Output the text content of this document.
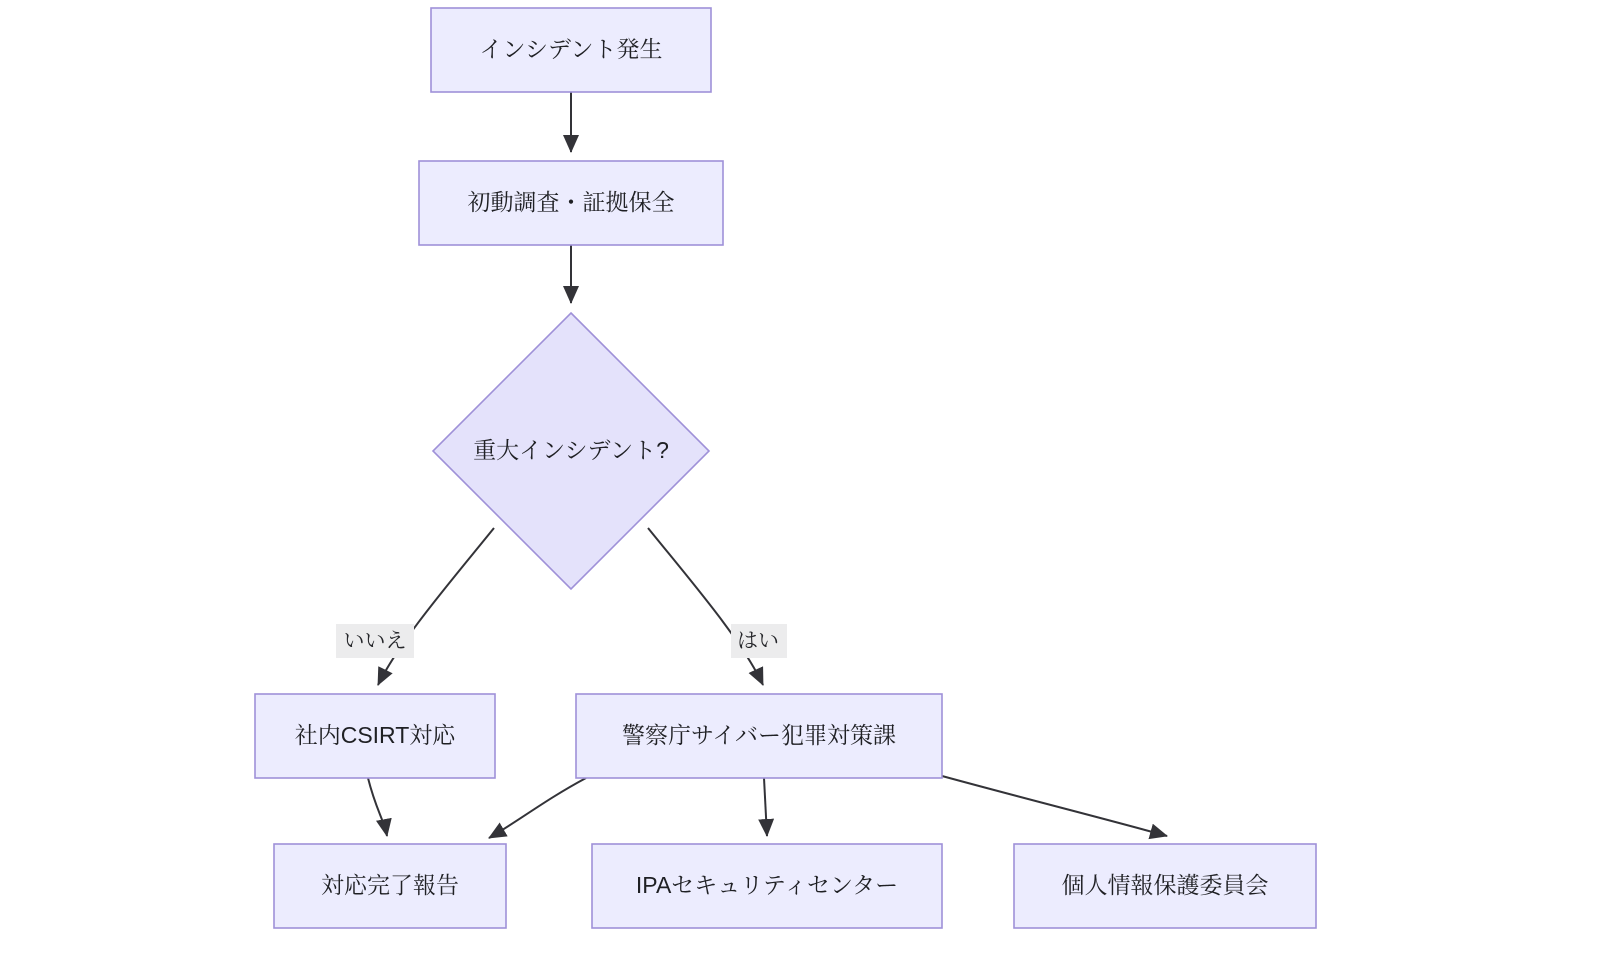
いいえ	はい
インシデント発生
初動調査・証拠保全
重大インシデント?
社内CSIRT対応	警察庁サイバー犯罪対策課
対応完了報告	IPAセキュリティセンター	個人情報保護委員会
